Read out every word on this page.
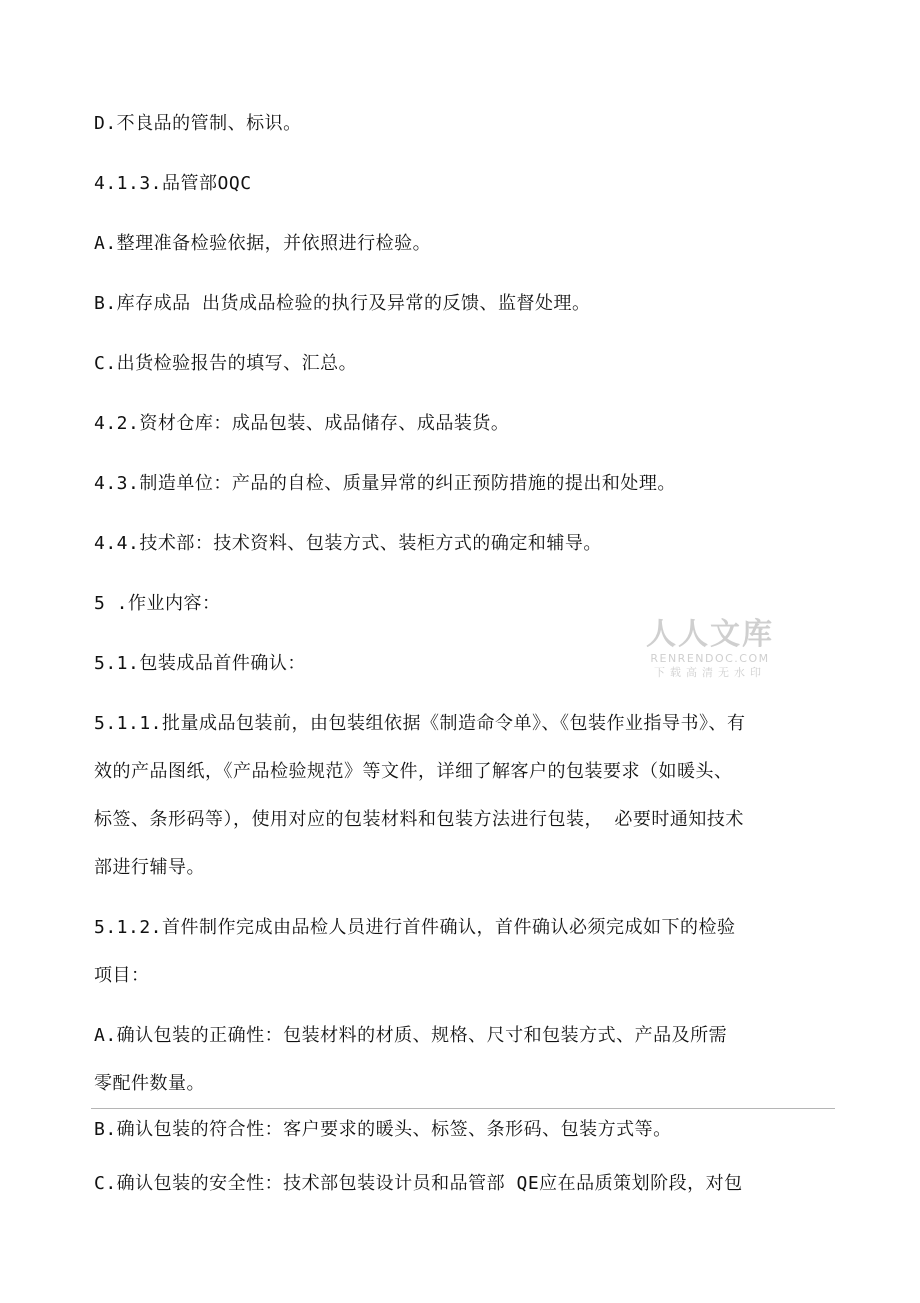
D.不良品的管制、标识。
4.1.3.品管部OQC
A.整理准备检验依据，并依照进行检验。
B.库存成品 出货成品检验的执行及异常的反馈、监督处理。
C.出货检验报告的填写、汇总。
4.2.资材仓库：成品包装、成品储存、成品装货。
4.3.制造单位：产品的自检、质量异常的纠正预防措施的提出和处理。
4.4.技术部：技术资料、包装方式、装柜方式的确定和辅导。
5 .作业内容：
5.1.包装成品首件确认：
5.1.1.批量成品包装前，由包装组依据《制造命令单》、《包装作业指导书》、有
效的产品图纸，《产品检验规范》等文件，详细了解客户的包装要求（如暖头、
标签、条形码等），使用对应的包装材料和包装方法进行包装， 必要时通知技术
部进行辅导。
5.1.2.首件制作完成由品检人员进行首件确认，首件确认必须完成如下的检验
项目：
A.确认包装的正确性：包装材料的材质、规格、尺寸和包装方式、产品及所需
零配件数量。
B.确认包装的符合性：客户要求的暖头、标签、条形码、包装方式等。
C.确认包装的安全性：技术部包装设计员和品管部 QE应在品质策划阶段，对包
人人文库
RENRENDOC.COM
下载高清无水印
